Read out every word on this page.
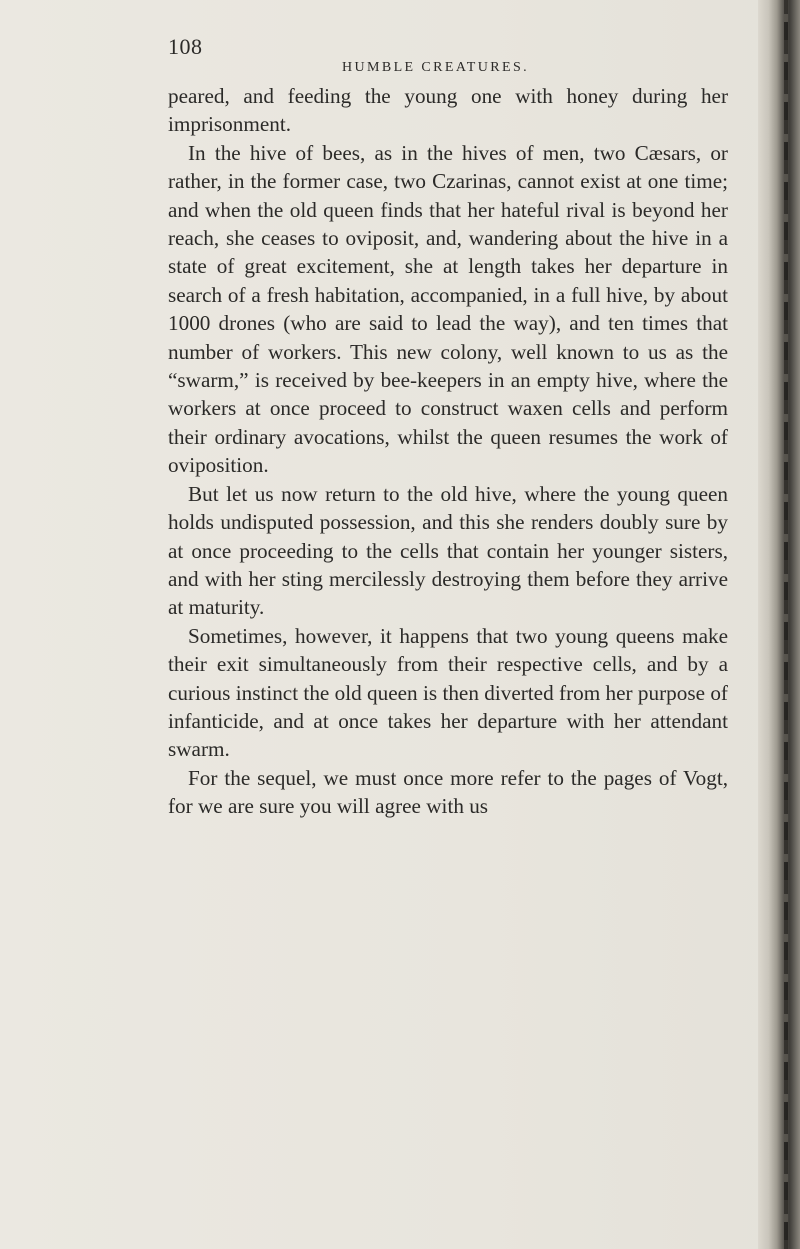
108
HUMBLE CREATURES.

peared, and feeding the young one with honey during her imprisonment.

In the hive of bees, as in the hives of men, two Cæsars, or rather, in the former case, two Czarinas, cannot exist at one time; and when the old queen finds that her hateful rival is beyond her reach, she ceases to oviposit, and, wandering about the hive in a state of great excitement, she at length takes her departure in search of a fresh habitation, accompanied, in a full hive, by about 1000 drones (who are said to lead the way), and ten times that number of workers. This new colony, well known to us as the “swarm,” is received by bee-keepers in an empty hive, where the workers at once proceed to construct waxen cells and perform their ordinary avocations, whilst the queen resumes the work of oviposition.

But let us now return to the old hive, where the young queen holds undisputed possession, and this she renders doubly sure by at once proceeding to the cells that contain her younger sisters, and with her sting mercilessly destroying them before they arrive at maturity.

Sometimes, however, it happens that two young queens make their exit simultaneously from their respective cells, and by a curious instinct the old queen is then diverted from her purpose of infanticide, and at once takes her departure with her attendant swarm.

For the sequel, we must once more refer to the pages of Vogt, for we are sure you will agree with us
